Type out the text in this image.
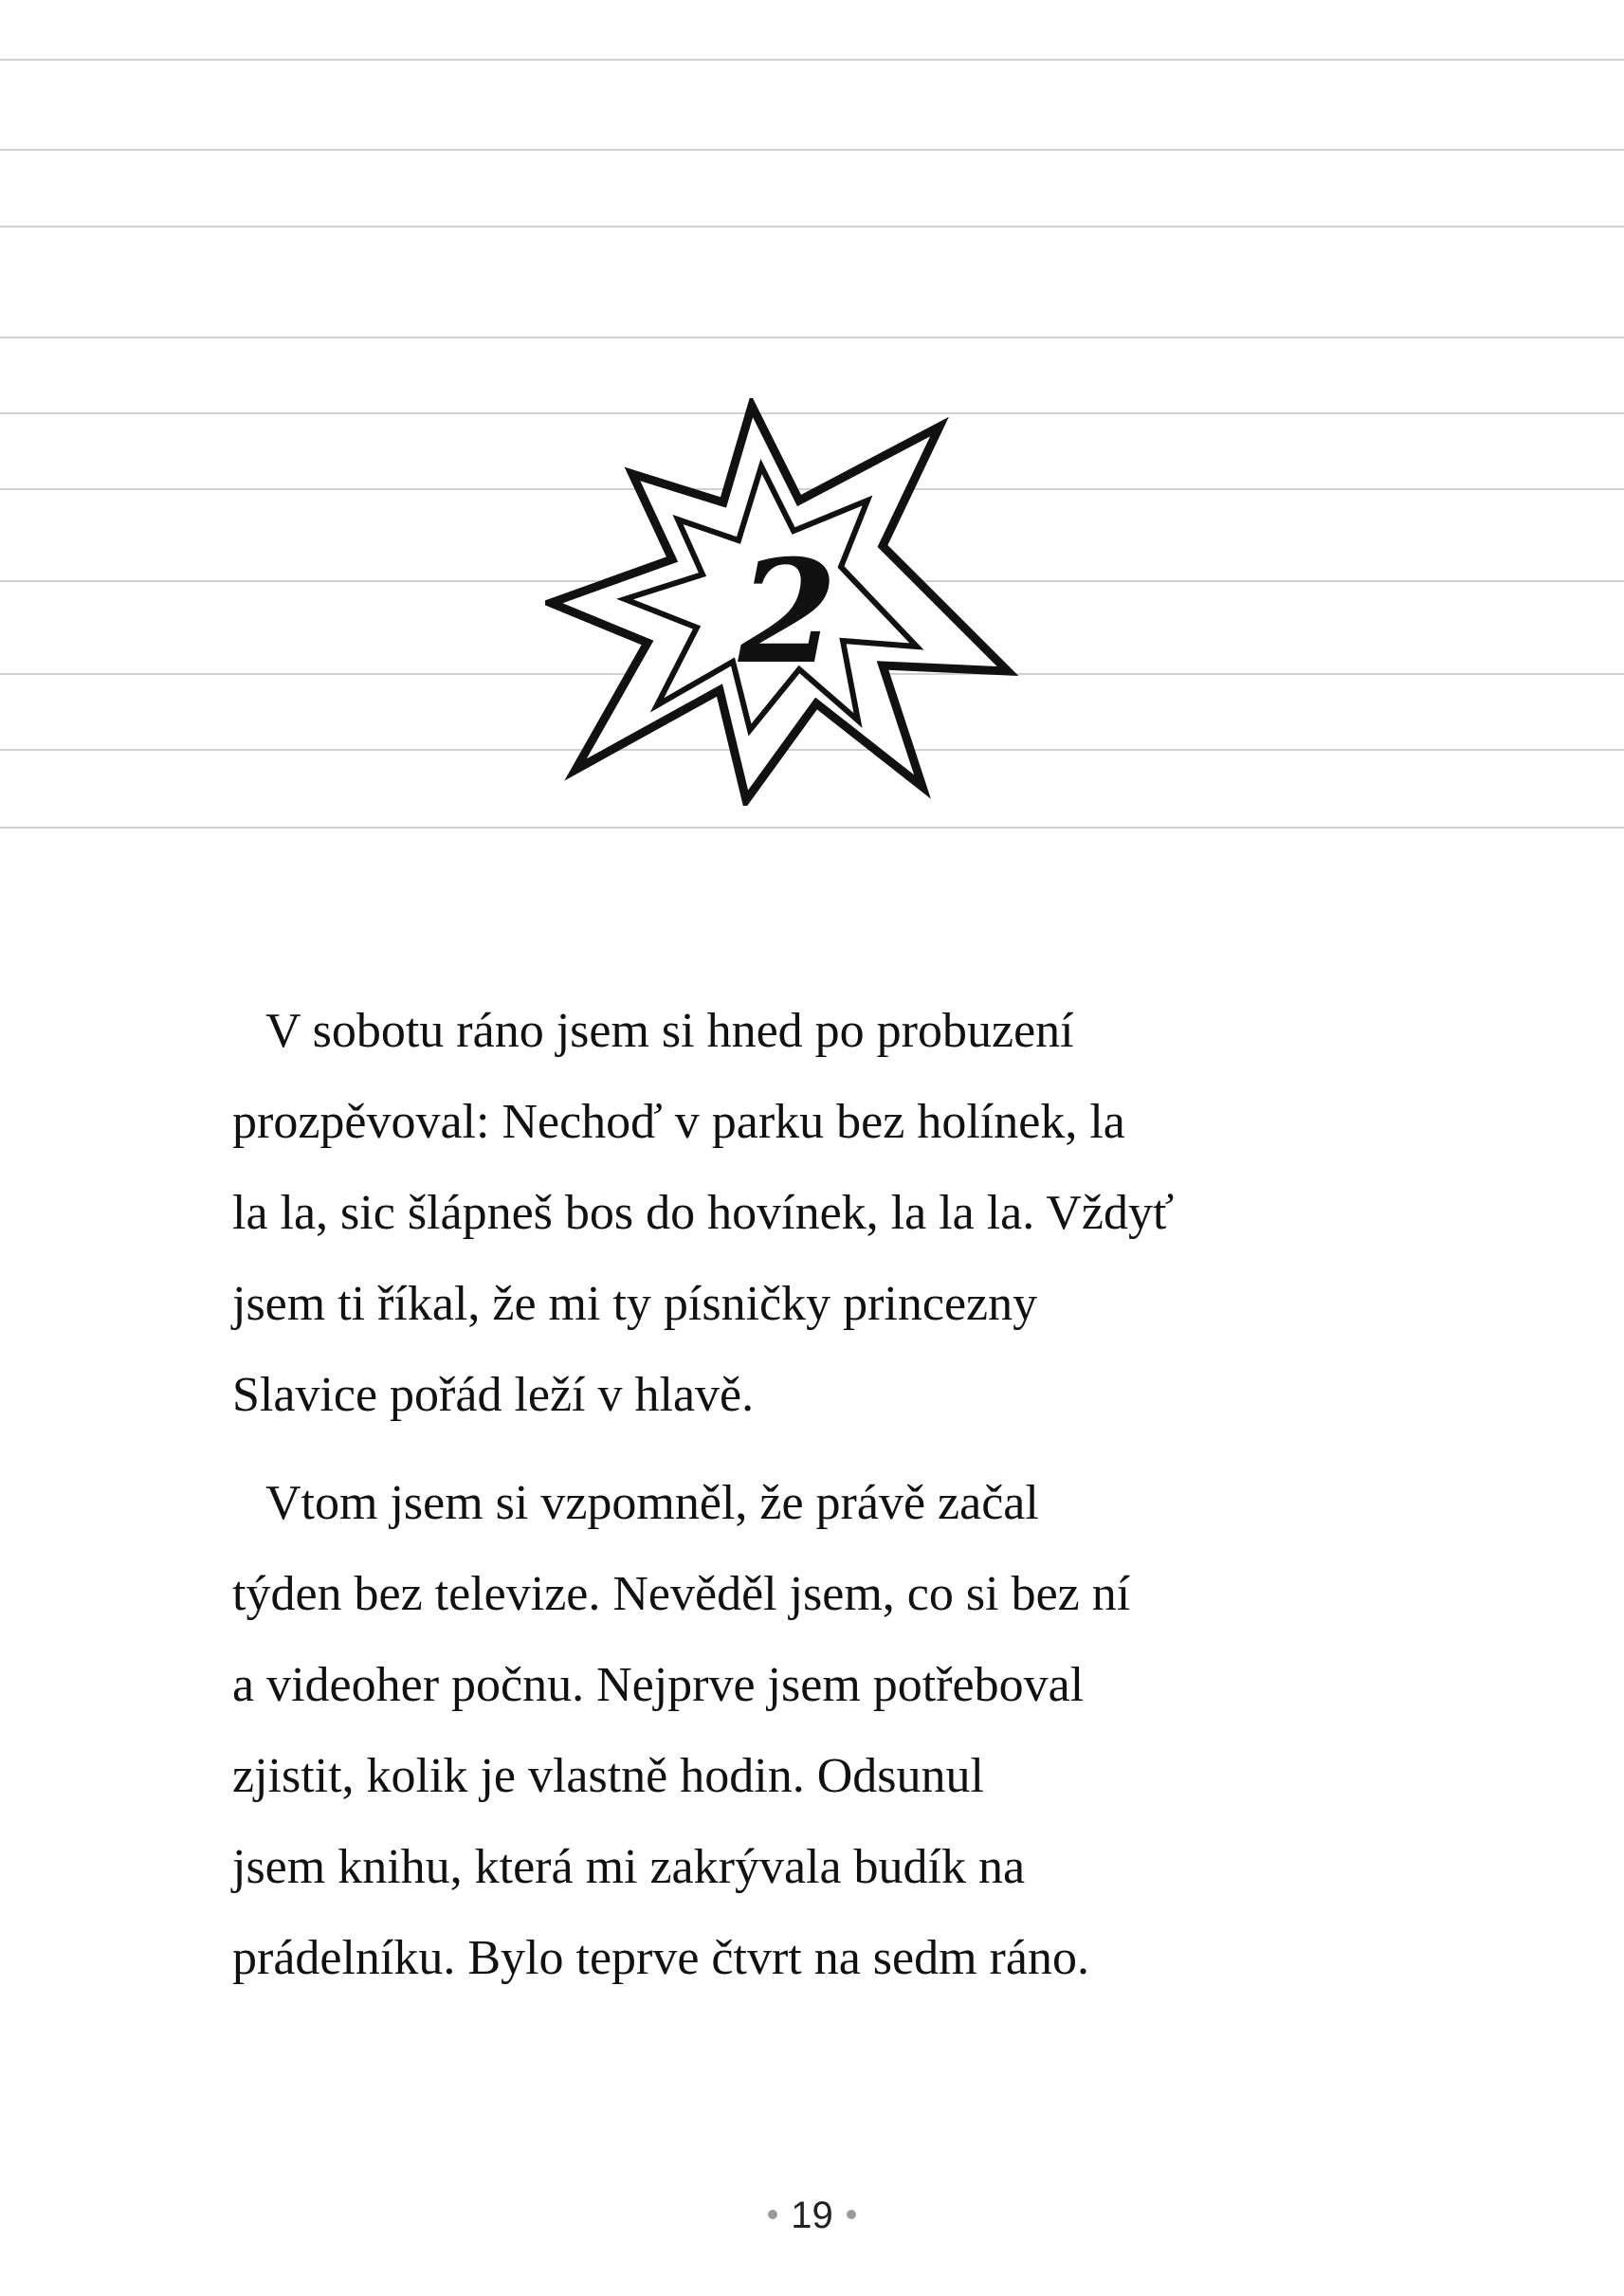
2
V sobotu ráno jsem si hned po probuzení
prozpěvoval: Nechoď v parku bez holínek, la
la la, sic šlápneš bos do hovínek, la la la. Vždyť
jsem ti říkal, že mi ty písničky princezny
Slavice pořád leží v hlavě.
Vtom jsem si vzpomněl, že právě začal
týden bez televize. Nevěděl jsem, co si bez ní
a videoher počnu. Nejprve jsem potřeboval
zjistit, kolik je vlastně hodin. Odsunul
jsem knihu, která mi zakrývala budík na
prádelníku. Bylo teprve čtvrt na sedm ráno.
19
